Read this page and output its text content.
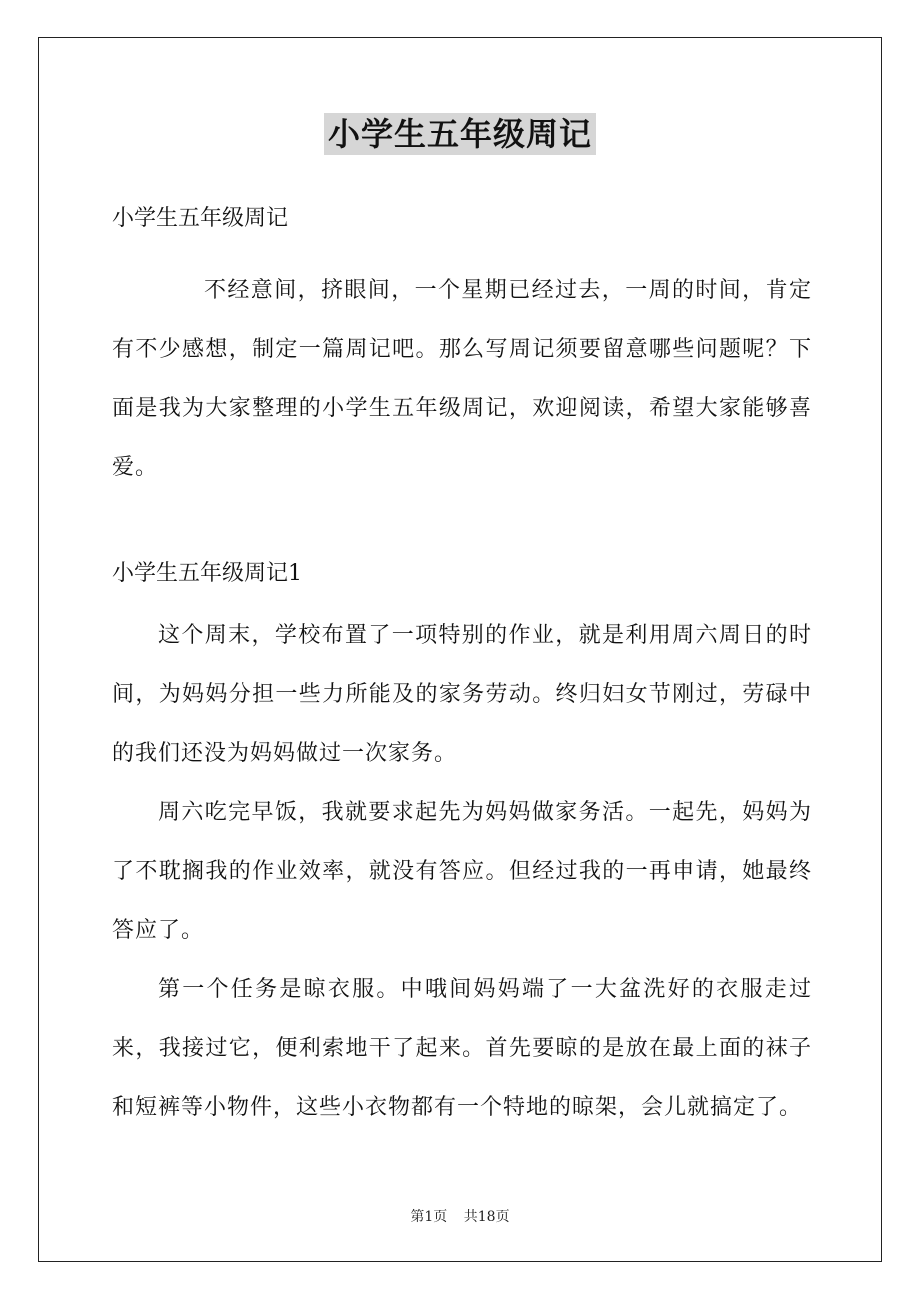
小学生五年级周记

小学生五年级周记

不经意间，挤眼间，一个星期已经过去，一周的时间，肯定有不少感想，制定一篇周记吧。那么写周记须要留意哪些问题呢？下面是我为大家整理的小学生五年级周记，欢迎阅读，希望大家能够喜爱。

小学生五年级周记1

这个周末，学校布置了一项特别的作业，就是利用周六周日的时间，为妈妈分担一些力所能及的家务劳动。终归妇女节刚过，劳碌中的我们还没为妈妈做过一次家务。

周六吃完早饭，我就要求起先为妈妈做家务活。一起先，妈妈为了不耽搁我的作业效率，就没有答应。但经过我的一再申请，她最终答应了。

第一个任务是晾衣服。中哦间妈妈端了一大盆洗好的衣服走过来，我接过它，便利索地干了起来。首先要晾的是放在最上面的袜子和短裤等小物件，这些小衣物都有一个特地的晾架，会儿就搞定了。

第1页 共18页
